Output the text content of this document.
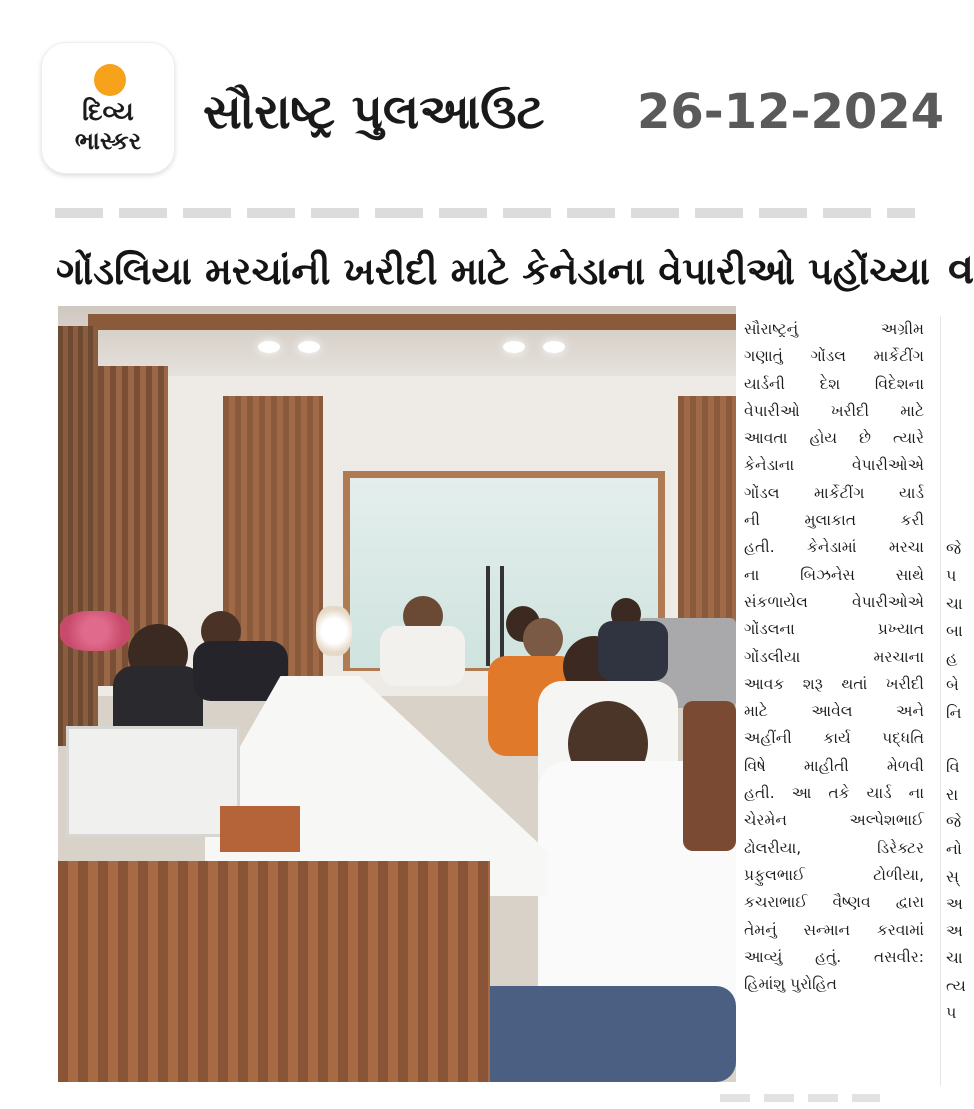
દિવ્ય
ભાસ્કર
સૌરાષ્ટ્ર પુલઆઉટ 26-12-2024
ગોંડલિયા મરચાંની ખરીદી માટે કેનેડાના વેપારીઓ પહોંચ્યા વ
સૌરાષ્ટ્રનું અગ્રીમ
ગણાતું ગોંડલ માર્કેટીંગ
યાર્ડની દેશ વિદેશના
વેપારીઓ ખરીદી માટે
આવતા હોય છે ત્યારે
કેનેડાના વેપારીઓએ
ગોંડલ માર્કેટીંગ યાર્ડ
ની મુલાકાત કરી
હતી. કેનેડામાં મરચા
ના બિઝનેસ સાથે
સંકળાયેલ વેપારીઓએ
ગોંડલના પ્રખ્યાત
ગોંડલીયા મરચાના
આવક શરૂ થતાં ખરીદી
માટે આવેલ અને
અહીંની કાર્ય પદ્ધતિ
વિષે માહીતી મેળવી
હતી. આ તકે યાર્ડ ના
ચેરમેન અલ્પેશભાઈ
ઢોલરીયા, ડિરેક્ટર
પ્રફુલભાઈ ટોળીયા,
કચરાભાઈ વૈષ્ણવ દ્વારા
તેમનું સન્માન કરવામાં
આવ્યું હતું. તસવીર:
હિમાંશુ પુરોહિત
જે
પ
ચા
બા
હ
બે
નિ
વિ
રા
જે
નો
સ્
અ
અ
ચા
ત્ય
પ
